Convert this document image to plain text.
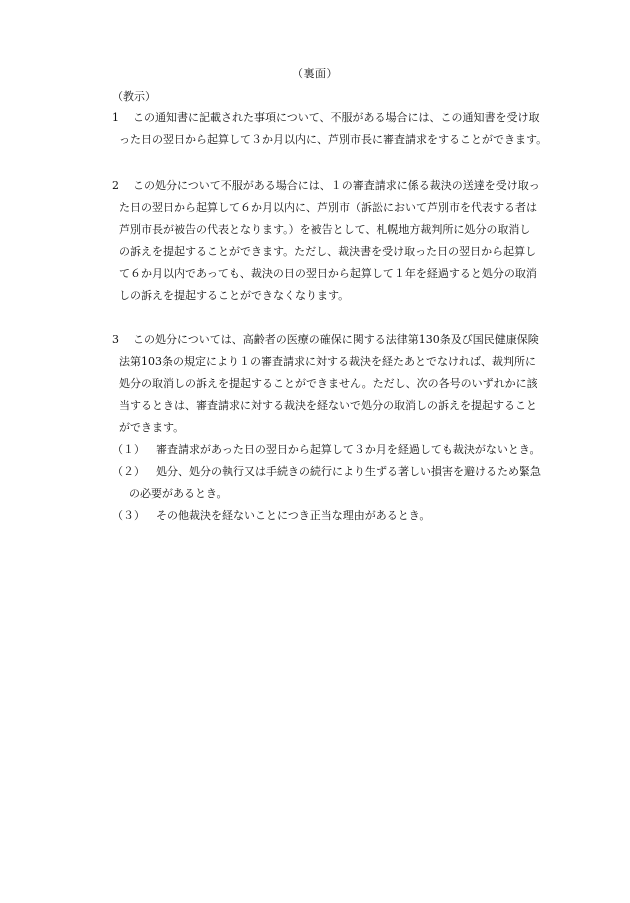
（裏面）
（教示）
1	この通知書に記載された事項について、不服がある場合には、この通知書を受け取
った日の翌日から起算して３か月以内に、芦別市長に審査請求をすることができます。
2	この処分について不服がある場合には、１の審査請求に係る裁決の送達を受け取っ
た日の翌日から起算して６か月以内に、芦別市（訴訟において芦別市を代表する者は
芦別市長が被告の代表となります。）を被告として、札幌地方裁判所に処分の取消し
の訴えを提起することができます。ただし、裁決書を受け取った日の翌日から起算し
て６か月以内であっても、裁決の日の翌日から起算して１年を経過すると処分の取消
しの訴えを提起することができなくなります。
3	この処分については、高齢者の医療の確保に関する法律第130条及び国民健康保険
法第103条の規定により１の審査請求に対する裁決を経たあとでなければ、裁判所に
処分の取消しの訴えを提起することができません。ただし、次の各号のいずれかに該
当するときは、審査請求に対する裁決を経ないで処分の取消しの訴えを提起すること
ができます。
（１） 審査請求があった日の翌日から起算して３か月を経過しても裁決がないとき。
（２） 処分、処分の執行又は手続きの続行により生ずる著しい損害を避けるため緊急
の必要があるとき。
（３） その他裁決を経ないことにつき正当な理由があるとき。
